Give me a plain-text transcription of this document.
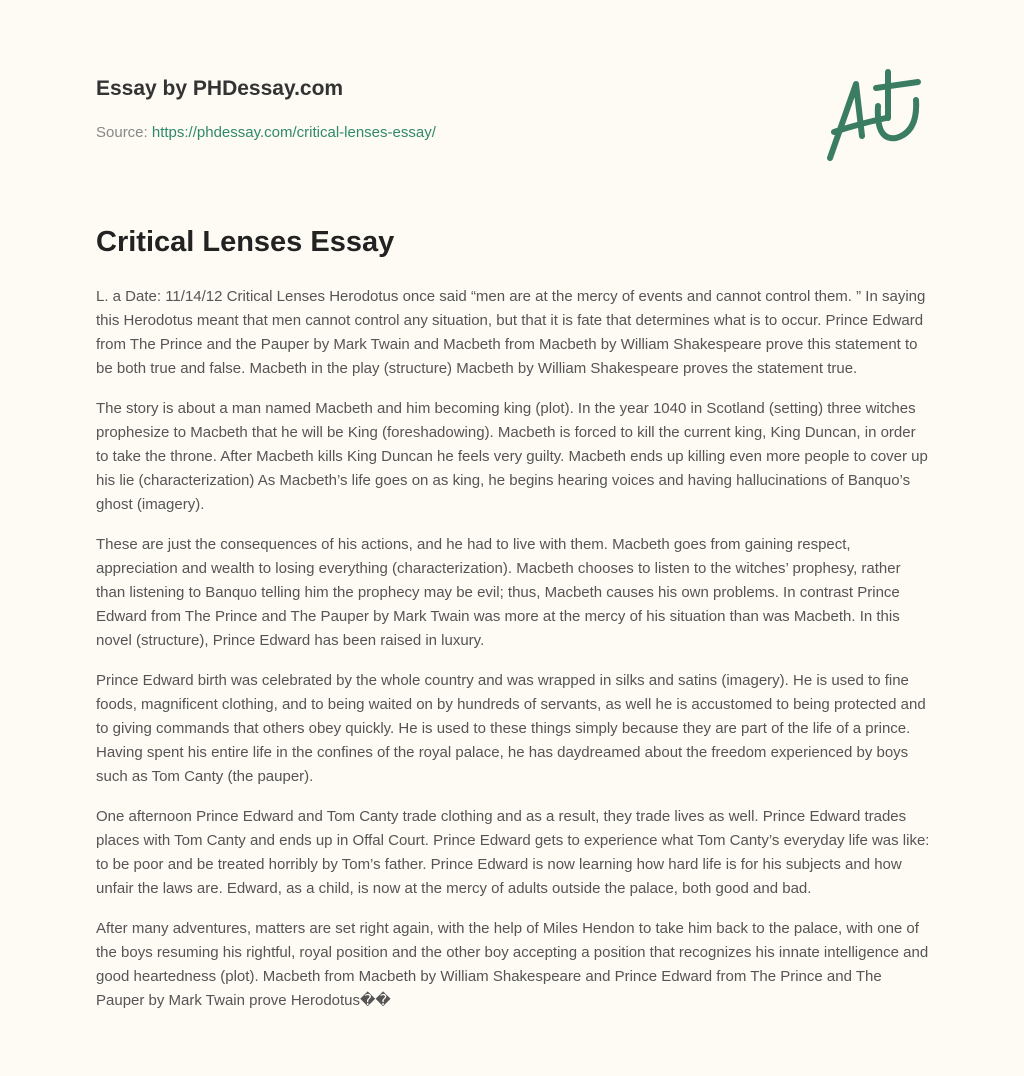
Essay by PHDessay.com
Source: https://phdessay.com/critical-lenses-essay/
Critical Lenses Essay

L. a Date: 11/14/12 Critical Lenses Herodotus once said “men are at the mercy of events and cannot control them. ” In saying this Herodotus meant that men cannot control any situation, but that it is fate that determines what is to occur. Prince Edward from The Prince and the Pauper by Mark Twain and Macbeth from Macbeth by William Shakespeare prove this statement to be both true and false. Macbeth in the play (structure) Macbeth by William Shakespeare proves the statement true.

The story is about a man named Macbeth and him becoming king (plot). In the year 1040 in Scotland (setting) three witches prophesize to Macbeth that he will be King (foreshadowing). Macbeth is forced to kill the current king, King Duncan, in order to take the throne. After Macbeth kills King Duncan he feels very guilty. Macbeth ends up killing even more people to cover up his lie (characterization) As Macbeth’s life goes on as king, he begins hearing voices and having hallucinations of Banquo’s ghost (imagery).

These are just the consequences of his actions, and he had to live with them. Macbeth goes from gaining respect, appreciation and wealth to losing everything (characterization). Macbeth chooses to listen to the witches’ prophesy, rather than listening to Banquo telling him the prophecy may be evil; thus, Macbeth causes his own problems. In contrast Prince Edward from The Prince and The Pauper by Mark Twain was more at the mercy of his situation than was Macbeth. In this novel (structure), Prince Edward has been raised in luxury.

Prince Edward birth was celebrated by the whole country and was wrapped in silks and satins (imagery). He is used to fine foods, magnificent clothing, and to being waited on by hundreds of servants, as well he is accustomed to being protected and to giving commands that others obey quickly. He is used to these things simply because they are part of the life of a prince. Having spent his entire life in the confines of the royal palace, he has daydreamed about the freedom experienced by boys such as Tom Canty (the pauper).

One afternoon Prince Edward and Tom Canty trade clothing and as a result, they trade lives as well. Prince Edward trades places with Tom Canty and ends up in Offal Court. Prince Edward gets to experience what Tom Canty’s everyday life was like: to be poor and be treated horribly by Tom’s father. Prince Edward is now learning how hard life is for his subjects and how unfair the laws are. Edward, as a child, is now at the mercy of adults outside the palace, both good and bad.

After many adventures, matters are set right again, with the help of Miles Hendon to take him back to the palace, with one of the boys resuming his rightful, royal position and the other boy accepting a position that recognizes his innate intelligence and good heartedness (plot). Macbeth from Macbeth by William Shakespeare and Prince Edward from The Prince and The Pauper by Mark Twain prove Herodotus��
